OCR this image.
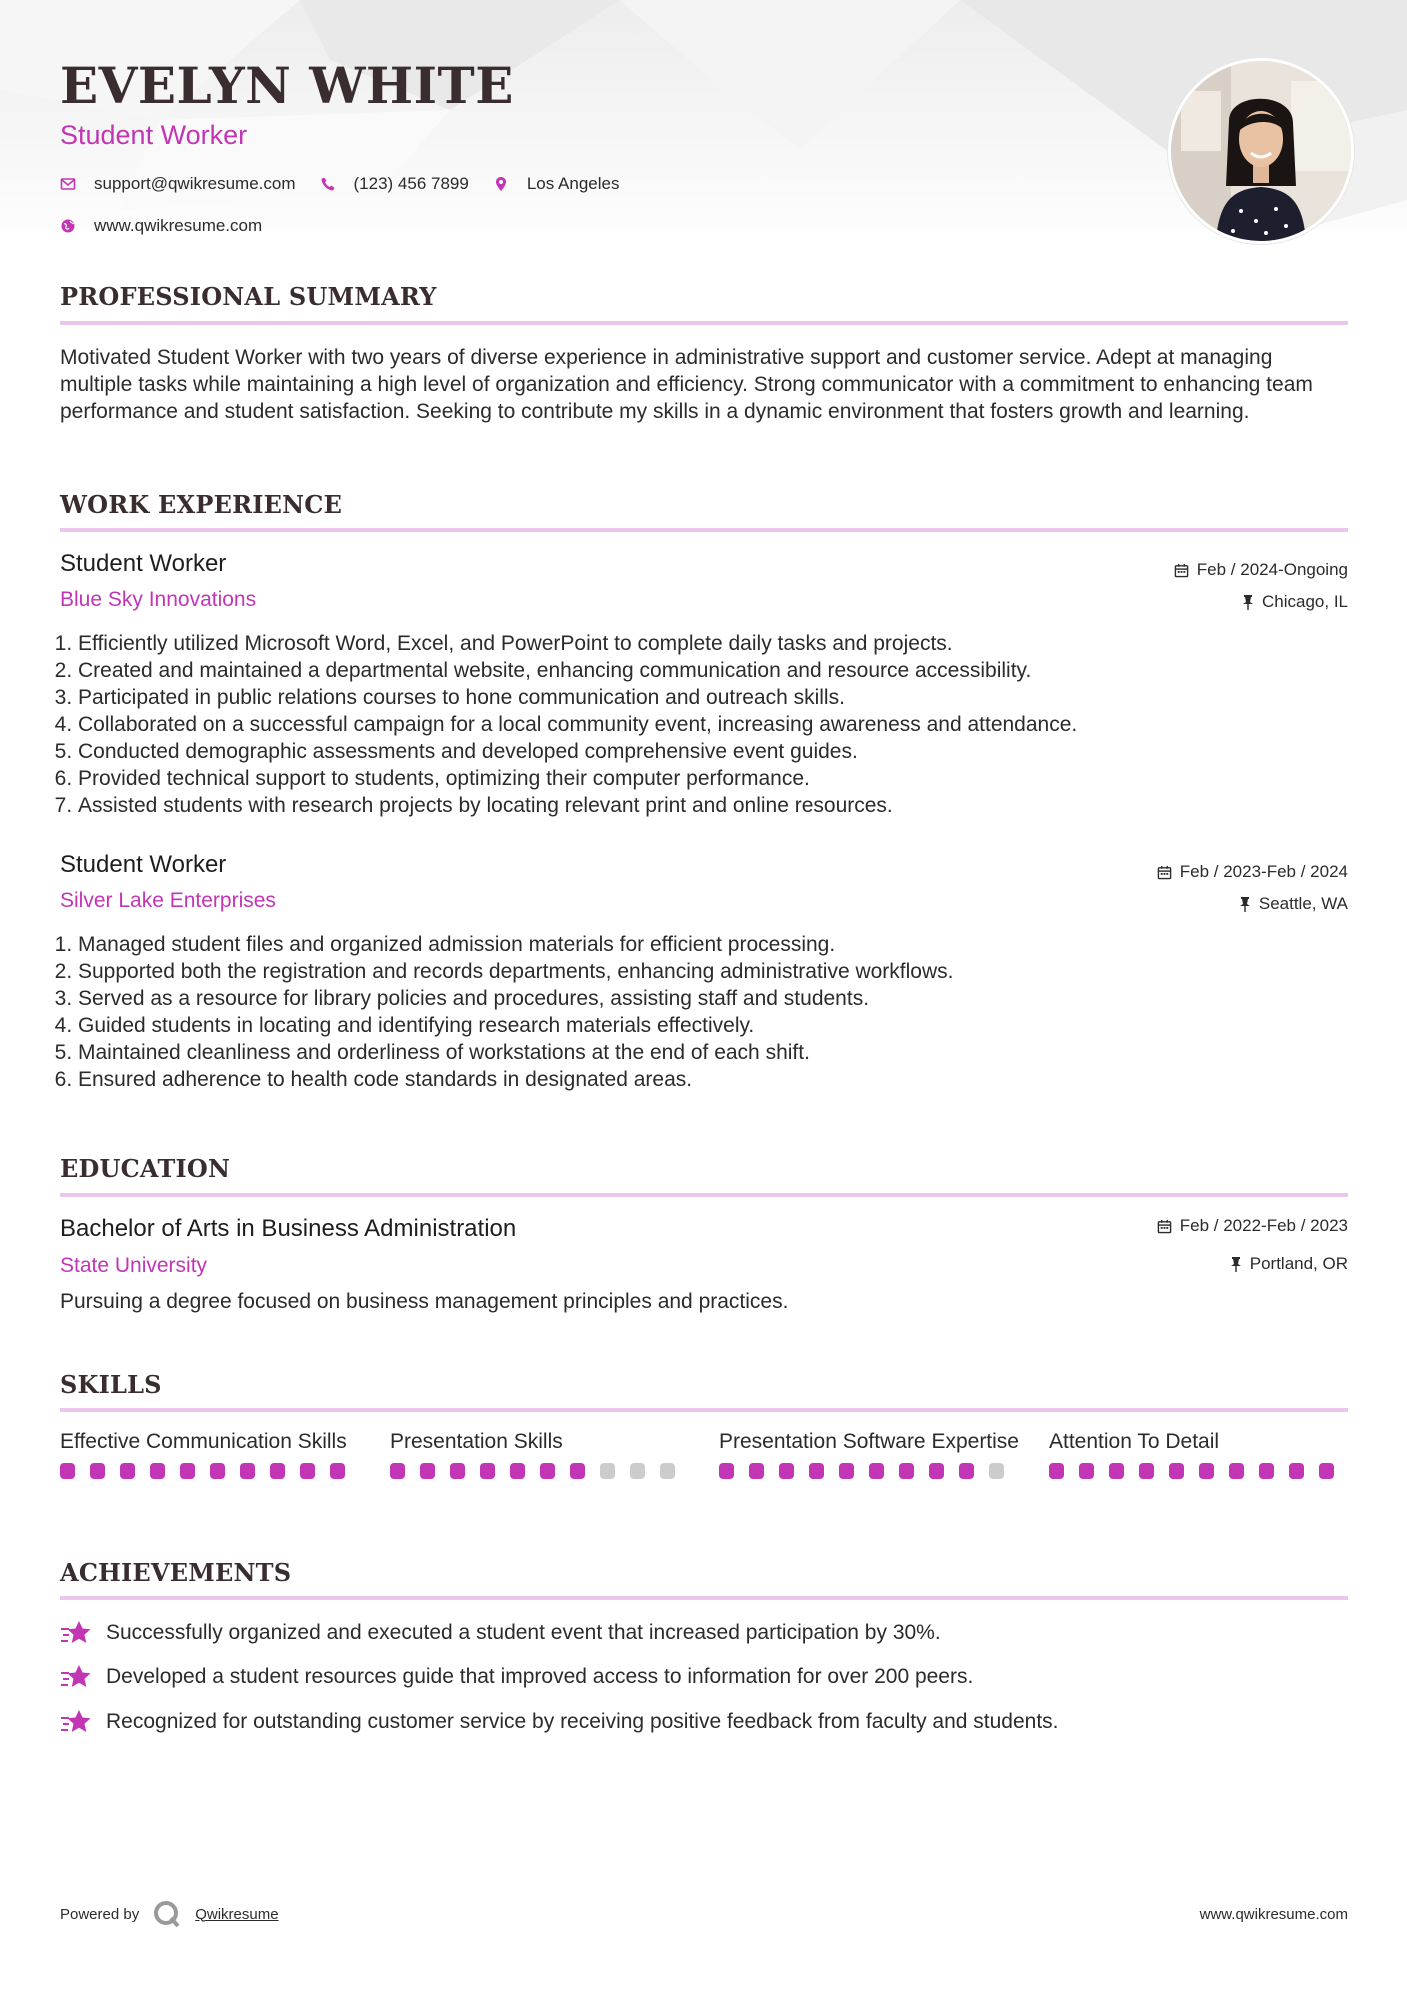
EVELYN WHITE
Student Worker
support@qwikresume.com	(123) 456 7899	Los Angeles
www.qwikresume.com
PROFESSIONAL SUMMARY

Motivated Student Worker with two years of diverse experience in administrative support and customer service. Adept at managing multiple tasks while maintaining a high level of organization and efficiency. Strong communicator with a commitment to enhancing team performance and student satisfaction. Seeking to contribute my skills in a dynamic environment that fosters growth and learning.

WORK EXPERIENCE
Student Worker	Feb / 2024-Ongoing
Blue Sky Innovations	Chicago, IL
1. Efficiently utilized Microsoft Word, Excel, and PowerPoint to complete daily tasks and projects.
2. Created and maintained a departmental website, enhancing communication and resource accessibility.
3. Participated in public relations courses to hone communication and outreach skills.
4. Collaborated on a successful campaign for a local community event, increasing awareness and attendance.
5. Conducted demographic assessments and developed comprehensive event guides.
6. Provided technical support to students, optimizing their computer performance.
7. Assisted students with research projects by locating relevant print and online resources.
Student Worker	Feb / 2023-Feb / 2024
Silver Lake Enterprises	Seattle, WA
1. Managed student files and organized admission materials for efficient processing.
2. Supported both the registration and records departments, enhancing administrative workflows.
3. Served as a resource for library policies and procedures, assisting staff and students.
4. Guided students in locating and identifying research materials effectively.
5. Maintained cleanliness and orderliness of workstations at the end of each shift.
6. Ensured adherence to health code standards in designated areas.
EDUCATION
Bachelor of Arts in Business Administration	Feb / 2022-Feb / 2023
State University	Portland, OR
Pursuing a degree focused on business management principles and practices.
SKILLS

Effective Communication Skills	Presentation Skills	Presentation Software Expertise Attention To Detail

ACHIEVEMENTS
Successfully organized and executed a student event that increased participation by 30%.
Developed a student resources guide that improved access to information for over 200 peers.
Recognized for outstanding customer service by receiving positive feedback from faculty and students.
Powered by	Qwikresume	www.qwikresume.com
